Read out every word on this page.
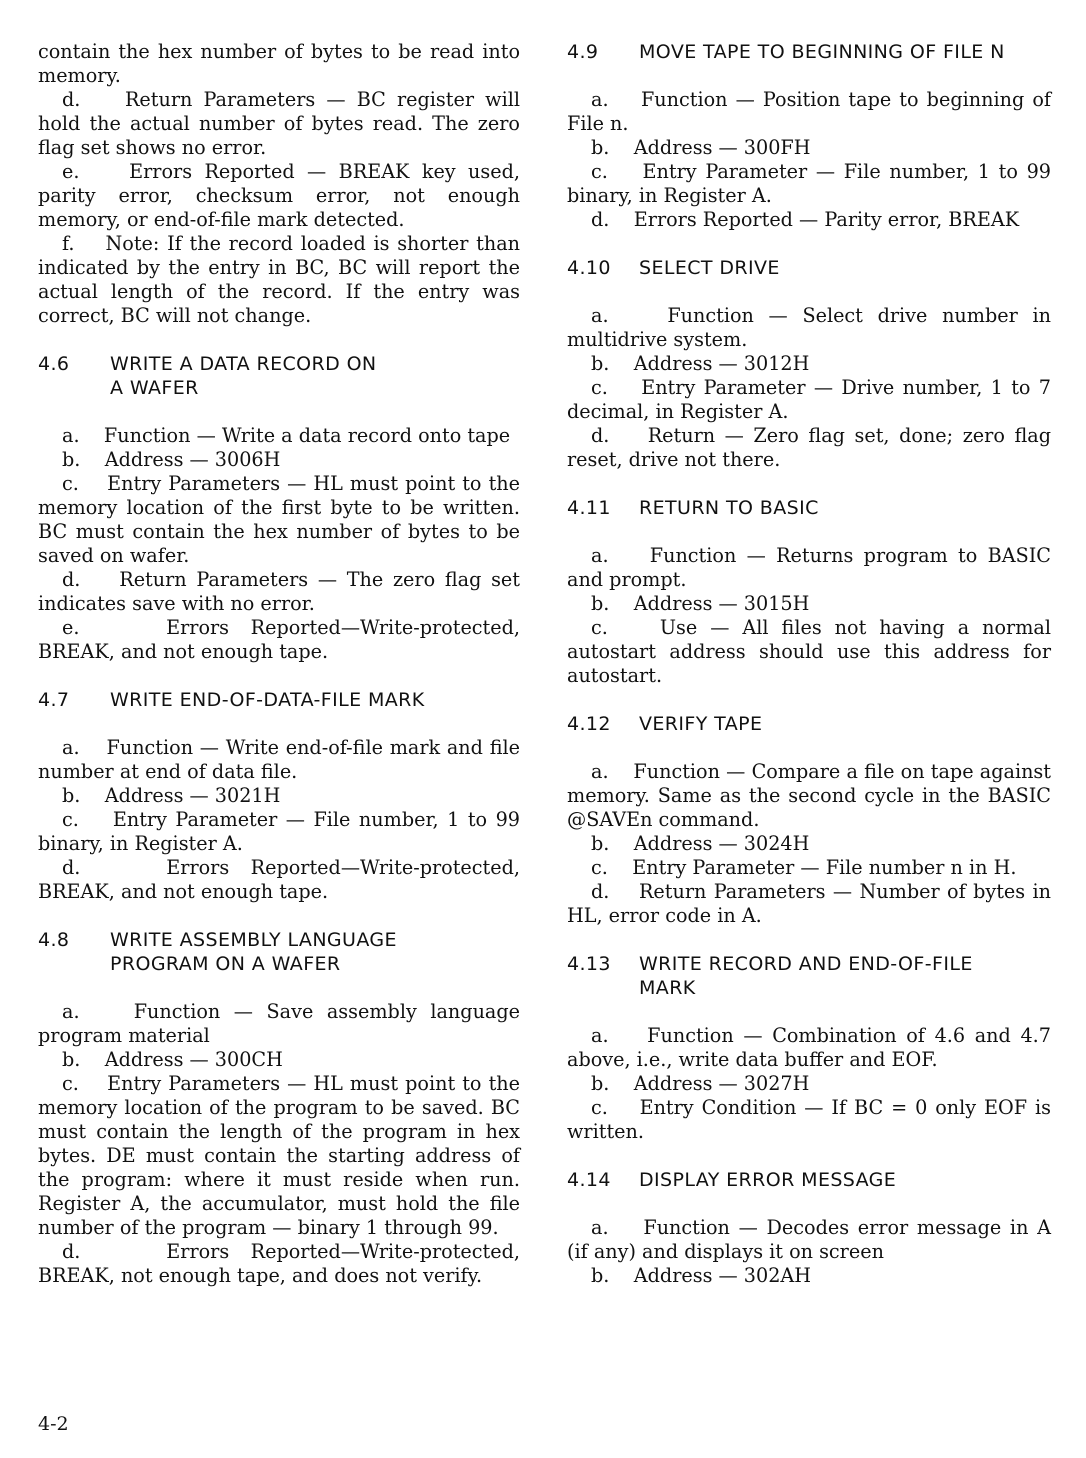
contain the hex number of bytes to be read into memory.

d.    Return Parameters — BC register will hold the actual number of bytes read. The zero flag set shows no error.

e.    Errors Reported — BREAK key used, parity error, checksum error, not enough memory, or end-of-file mark detected.

f.    Note: If the record loaded is shorter than indicated by the entry in BC, BC will report the actual length of the record. If the entry was correct, BC will not change.

4.6	WRITE A DATA RECORD ON A WAFER

a.    Function — Write a data record onto tape

b.    Address — 3006H

c.    Entry Parameters — HL must point to the memory location of the first byte to be written. BC must contain the hex number of bytes to be saved on wafer.

d.    Return Parameters — The zero flag set indicates save with no error.

e.    Errors Reported—Write-protected, BREAK, and not enough tape.

4.7	WRITE END-OF-DATA-FILE MARK

a.    Function — Write end-of-file mark and file number at end of data file.

b.    Address — 3021H

c.    Entry Parameter — File number, 1 to 99 binary, in Register A.

d.    Errors Reported—Write-protected, BREAK, and not enough tape.

4.8	WRITE ASSEMBLY LANGUAGE PROGRAM ON A WAFER

a.    Function — Save assembly language program material

b.    Address — 300CH

c.    Entry Parameters — HL must point to the memory location of the program to be saved. BC must contain the length of the program in hex bytes. DE must contain the starting address of the program: where it must reside when run. Register A, the accumulator, must hold the file number of the program — binary 1 through 99.

d.    Errors Reported—Write-protected, BREAK, not enough tape, and does not verify.

4.9	MOVE TAPE TO BEGINNING OF FILE N

a.    Function — Position tape to beginning of File n.

b.    Address — 300FH

c.    Entry Parameter — File number, 1 to 99 binary, in Register A.

d.    Errors Reported — Parity error, BREAK

4.10	SELECT DRIVE

a.    Function — Select drive number in multidrive system.

b.    Address — 3012H

c.    Entry Parameter — Drive number, 1 to 7 decimal, in Register A.

d.    Return — Zero flag set, done; zero flag reset, drive not there.

4.11	RETURN TO BASIC

a.    Function — Returns program to BASIC and prompt.

b.    Address — 3015H

c.    Use — All files not having a normal autostart address should use this address for autostart.

4.12	VERIFY TAPE

a.    Function — Compare a file on tape against memory. Same as the second cycle in the BASIC @SAVEn command.

b.    Address — 3024H

c.    Entry Parameter — File number n in H.

d.    Return Parameters — Number of bytes in HL, error code in A.

4.13	WRITE RECORD AND END-OF-FILE MARK

a.    Function — Combination of 4.6 and 4.7 above, i.e., write data buffer and EOF.

b.    Address — 3027H

c.    Entry Condition — If BC = 0 only EOF is written.

4.14	DISPLAY ERROR MESSAGE

a.    Function — Decodes error message in A (if any) and displays it on screen

b.    Address — 302AH

4-2
